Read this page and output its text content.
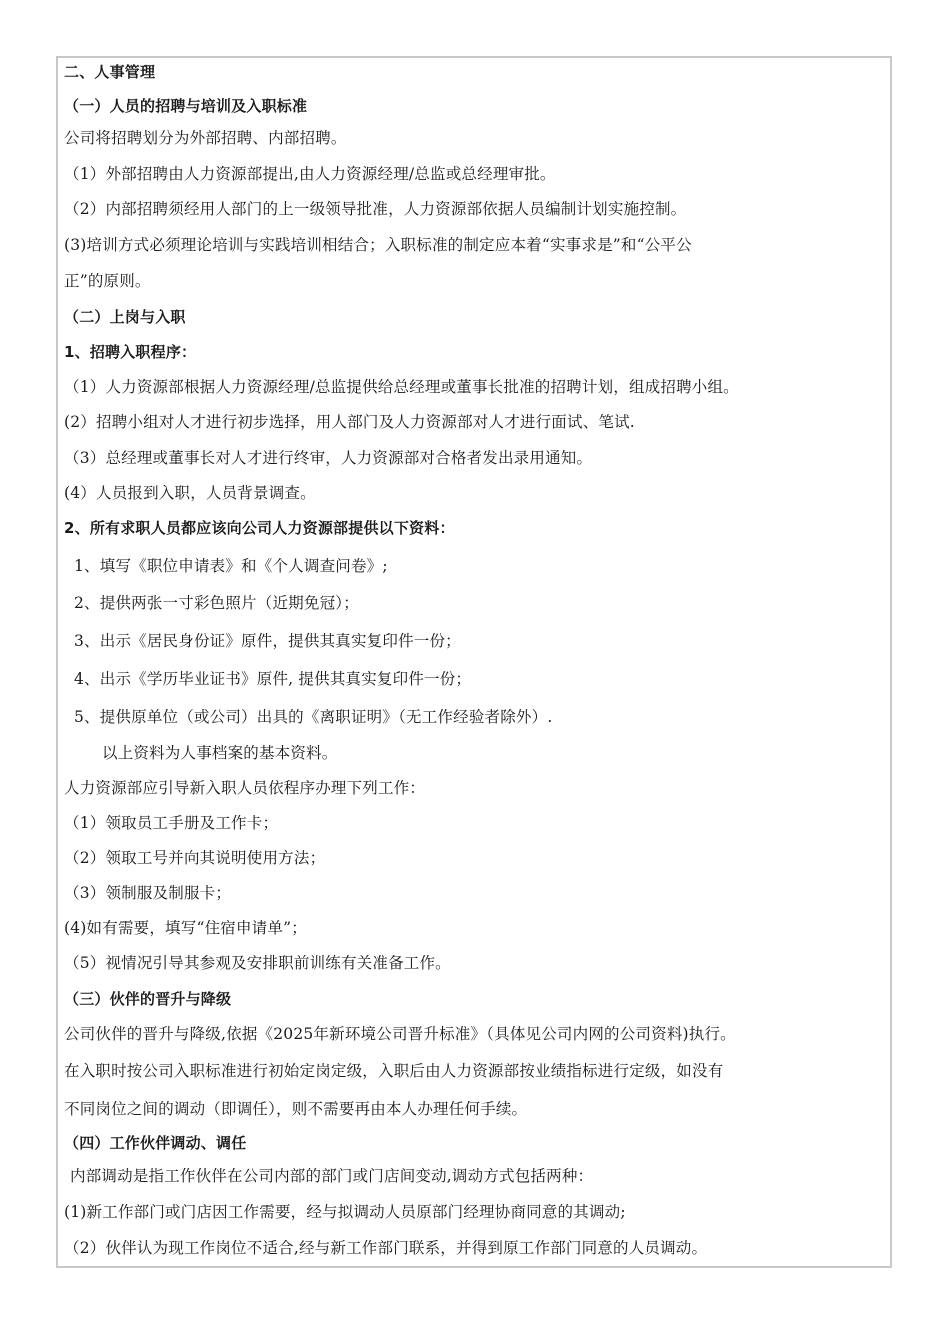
二、人事管理
（一）人员的招聘与培训及入职标准
公司将招聘划分为外部招聘、内部招聘。
（1）外部招聘由人力资源部提出,由人力资源经理/总监或总经理审批。
（2）内部招聘须经用人部门的上一级领导批准，人力资源部依据人员编制计划实施控制。
(3)培训方式必须理论培训与实践培训相结合；入职标准的制定应本着“实事求是”和“公平公
正”的原则。
（二）上岗与入职
1、招聘入职程序：
（1）人力资源部根据人力资源经理/总监提供给总经理或董事长批准的招聘计划，组成招聘小组。
(2）招聘小组对人才进行初步选择，用人部门及人力资源部对人才进行面试、笔试.
（3）总经理或董事长对人才进行终审，人力资源部对合格者发出录用通知。
(4）人员报到入职，人员背景调查。
2、所有求职人员都应该向公司人力资源部提供以下资料：
1、填写《职位申请表》和《个人调查问卷》;
2、提供两张一寸彩色照片（近期免冠）；
3、出示《居民身份证》原件，提供其真实复印件一份；
4、出示《学历毕业证书》原件, 提供其真实复印件一份；
5、提供原单位（或公司）出具的《离职证明》（无工作经验者除外）.
以上资料为人事档案的基本资料。
人力资源部应引导新入职人员依程序办理下列工作：
（1）领取员工手册及工作卡；
（2）领取工号并向其说明使用方法；
（3）领制服及制服卡；
(4)如有需要，填写“住宿申请单”；
（5）视情况引导其参观及安排职前训练有关准备工作。
（三）伙伴的晋升与降级
公司伙伴的晋升与降级,依据《2025年新环境公司晋升标准》（具体见公司内网的公司资料)执行。
在入职时按公司入职标准进行初始定岗定级，入职后由人力资源部按业绩指标进行定级，如没有
不同岗位之间的调动（即调任），则不需要再由本人办理任何手续。
（四）工作伙伴调动、调任
内部调动是指工作伙伴在公司内部的部门或门店间变动,调动方式包括两种：
(1)新工作部门或门店因工作需要，经与拟调动人员原部门经理协商同意的其调动;
（2）伙伴认为现工作岗位不适合,经与新工作部门联系，并得到原工作部门同意的人员调动。
